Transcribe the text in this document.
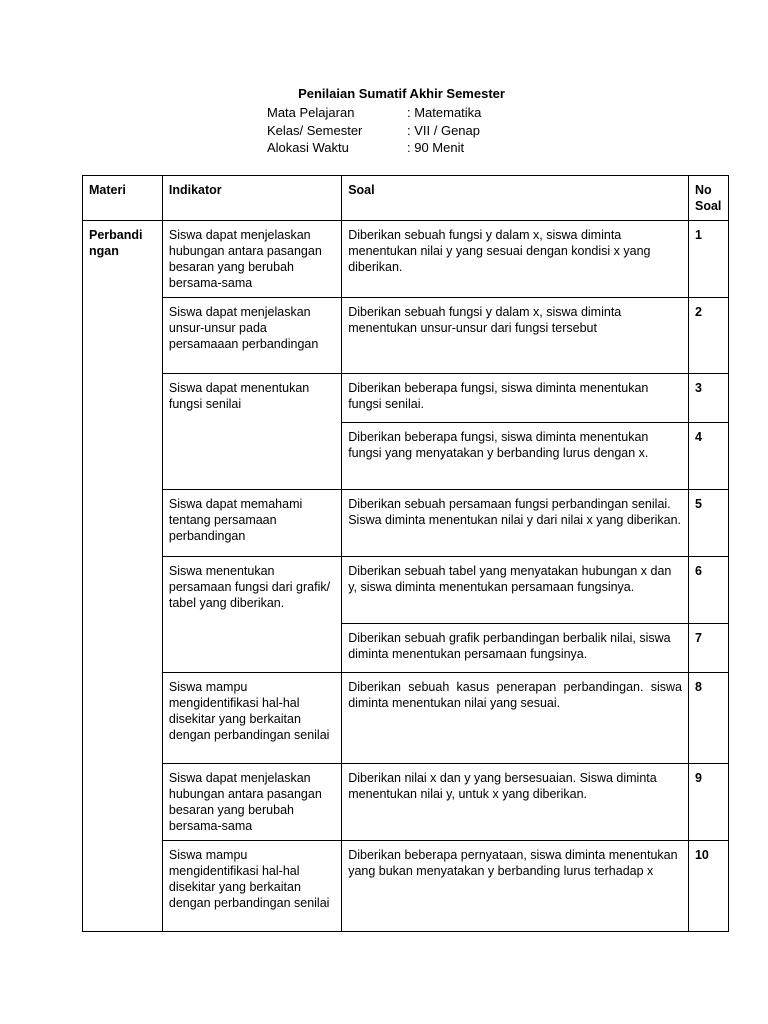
Penilaian Sumatif Akhir Semester
Mata Pelajaran	: Matematika
Kelas/ Semester	: VII / Genap
Alokasi Waktu	: 90 Menit
Materi	Indikator	Soal	No Soal
Perbandi ngan	Siswa dapat menjelaskan hubungan antara pasangan besaran yang berubah bersama-sama	Diberikan sebuah fungsi y dalam x, siswa diminta menentukan nilai y yang sesuai dengan kondisi x yang diberikan.	1
	Siswa dapat menjelaskan unsur-unsur pada persamaaan perbandingan	Diberikan sebuah fungsi y dalam x, siswa diminta menentukan unsur-unsur dari fungsi tersebut	2
	Siswa dapat menentukan fungsi senilai	Diberikan beberapa fungsi, siswa diminta menentukan fungsi senilai.	3
		Diberikan beberapa fungsi, siswa diminta menentukan fungsi yang menyatakan y berbanding lurus dengan x.	4
	Siswa dapat memahami tentang persamaan perbandingan	Diberikan sebuah persamaan fungsi perbandingan senilai. Siswa diminta menentukan nilai y dari nilai x yang diberikan.	5
	Siswa menentukan persamaan fungsi dari grafik/ tabel yang diberikan.	Diberikan sebuah tabel yang menyatakan hubungan x dan y, siswa diminta menentukan persamaan fungsinya.	6
		Diberikan sebuah grafik perbandingan berbalik nilai, siswa diminta menentukan persamaan fungsinya.	7
	Siswa mampu mengidentifikasi hal-hal disekitar yang berkaitan dengan perbandingan senilai	Diberikan sebuah kasus penerapan perbandingan. siswa diminta menentukan nilai yang sesuai.	8
	Siswa dapat menjelaskan hubungan antara pasangan besaran yang berubah bersama-sama	Diberikan nilai x dan y yang bersesuaian. Siswa diminta menentukan nilai y, untuk x yang diberikan.	9
	Siswa mampu mengidentifikasi hal-hal disekitar yang berkaitan dengan perbandingan senilai	Diberikan beberapa pernyataan, siswa diminta menentukan yang bukan menyatakan y berbanding lurus terhadap x	10
